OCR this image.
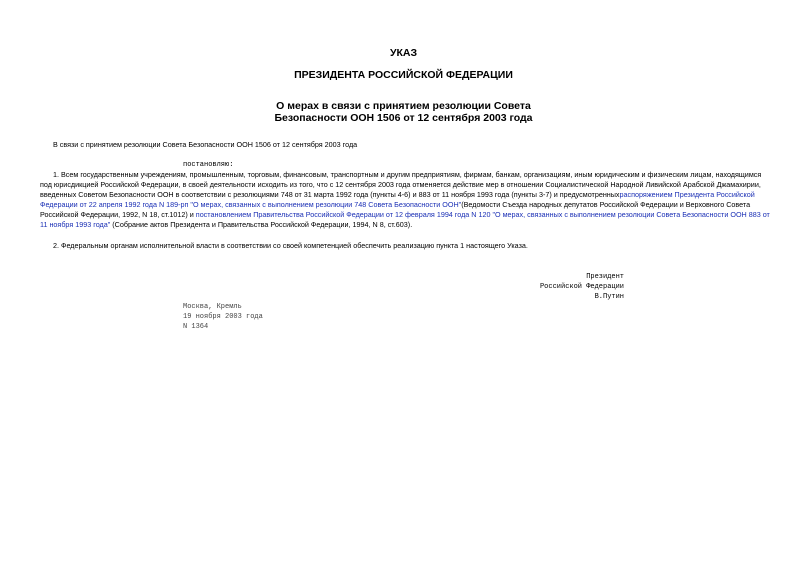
УКАЗ
ПРЕЗИДЕНТА РОССИЙСКОЙ ФЕДЕРАЦИИ
О мерах в связи с принятием резолюции Совета
Безопасности ООН 1506 от 12 сентября 2003 года
В связи с принятием резолюции Совета Безопасности ООН 1506 от 12 сентября 2003 года
постановляю:
1. Всем государственным учреждениям, промышленным, торговым, финансовым, транспортным и другим предприятиям, фирмам, банкам, организациям, иным юридическим и физическим лицам, находящимся под юрисдикцией Российской Федерации, в своей деятельности исходить из того, что с 12 сентября 2003 года отменяется действие мер в отношении Социалистической Народной Ливийской Арабской Джамахирии, введенных Советом Безопасности ООН в соответствии с резолюциями 748 от 31 марта 1992 года (пункты 4-6) и 883 от 11 ноября 1993 года (пункты 3-7) и предусмотренныхраспоряжением Президента Российской Федерации от 22 апреля 1992 года N 189-рп "О мерах, связанных с выполнением резолюции 748 Совета Безопасности ООН"(Ведомости Съезда народных депутатов Российской Федерации и Верховного Совета Российской Федерации, 1992, N 18, ст.1012) и постановлением Правительства Российской Федерации от 12 февраля 1994 года N 120 "О мерах, связанных с выполнением резолюции Совета Безопасности ООН 883 от 11 ноября 1993 года" (Собрание актов Президента и Правительства Российской Федерации, 1994, N 8, ст.603).
2. Федеральным органам исполнительной власти в соответствии со своей компетенцией обеспечить реализацию пункта 1 настоящего Указа.
Президент
Российской Федерации
В.Путин
Москва, Кремль
19 ноября 2003 года
N 1364
